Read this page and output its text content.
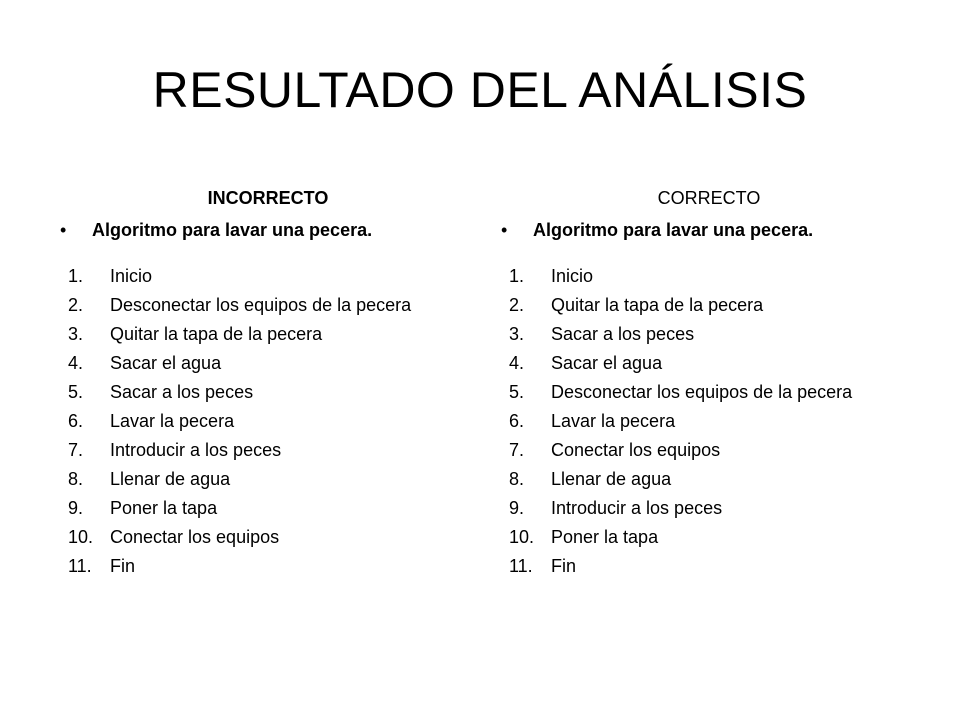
RESULTADO DEL ANÁLISIS
INCORRECTO
•	Algoritmo para lavar una pecera.
1.	Inicio
2.	Desconectar los equipos de la pecera
3.	Quitar la tapa de la pecera
4.	Sacar el agua
5.	Sacar a los peces
6.	Lavar la pecera
7.	Introducir a los peces
8.	Llenar de agua
9.	Poner la tapa
10. Conectar los equipos
11.	Fin
CORRECTO
•	Algoritmo para lavar una pecera.
1.	Inicio
2.	Quitar la tapa de la pecera
3.	Sacar a los peces
4.	Sacar el agua
5.	Desconectar los equipos de la pecera
6.	Lavar la pecera
7.	Conectar los equipos
8.	Llenar de agua
9.	Introducir a los peces
10. Poner la tapa
11.	Fin
